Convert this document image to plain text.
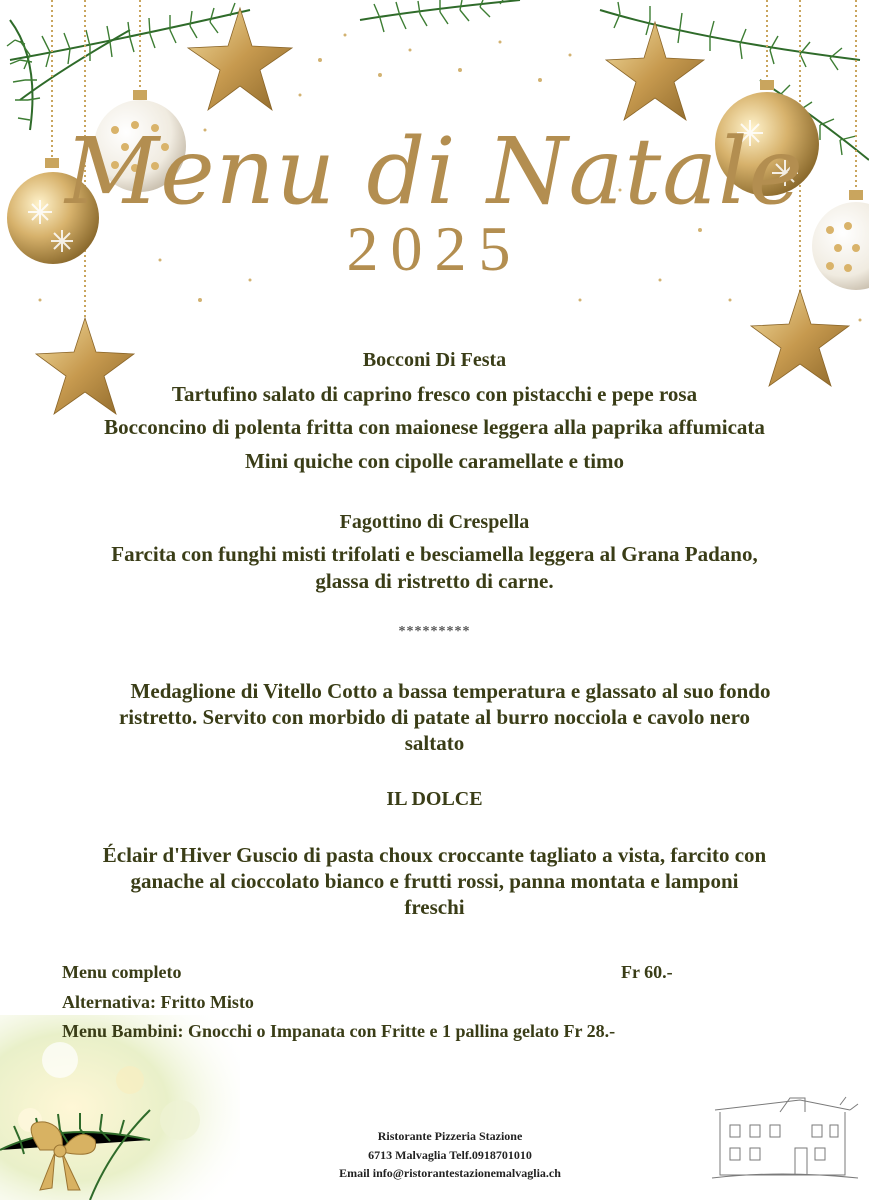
Menu di Natale
2025
Bocconi Di Festa
Tartufino salato di caprino fresco con pistacchi e pepe rosa
Bocconcino di polenta fritta con maionese leggera alla paprika affumicata
Mini quiche con cipolle caramellate e timo
Fagottino di Crespella
Farcita con funghi misti trifolati e besciamella leggera al Grana Padano,
glassa di ristretto di carne.
*********
Medaglione di Vitello Cotto a bassa temperatura e glassato al suo fondo
ristretto. Servito con morbido di patate al burro nocciola e cavolo nero
saltato
IL DOLCE
Éclair d'Hiver Guscio di pasta choux croccante tagliato a vista, farcito con
ganache al cioccolato bianco e frutti rossi, panna montata e lamponi
freschi
Menu completo	Fr 60.-
Alternativa: Fritto Misto
Menu Bambini: Gnocchi o Impanata con Fritte e 1 pallina gelato Fr 28.-
Ristorante Pizzeria Stazione
6713 Malvaglia Telf.0918701010
Email info@ristorantestazionemalvaglia.ch
